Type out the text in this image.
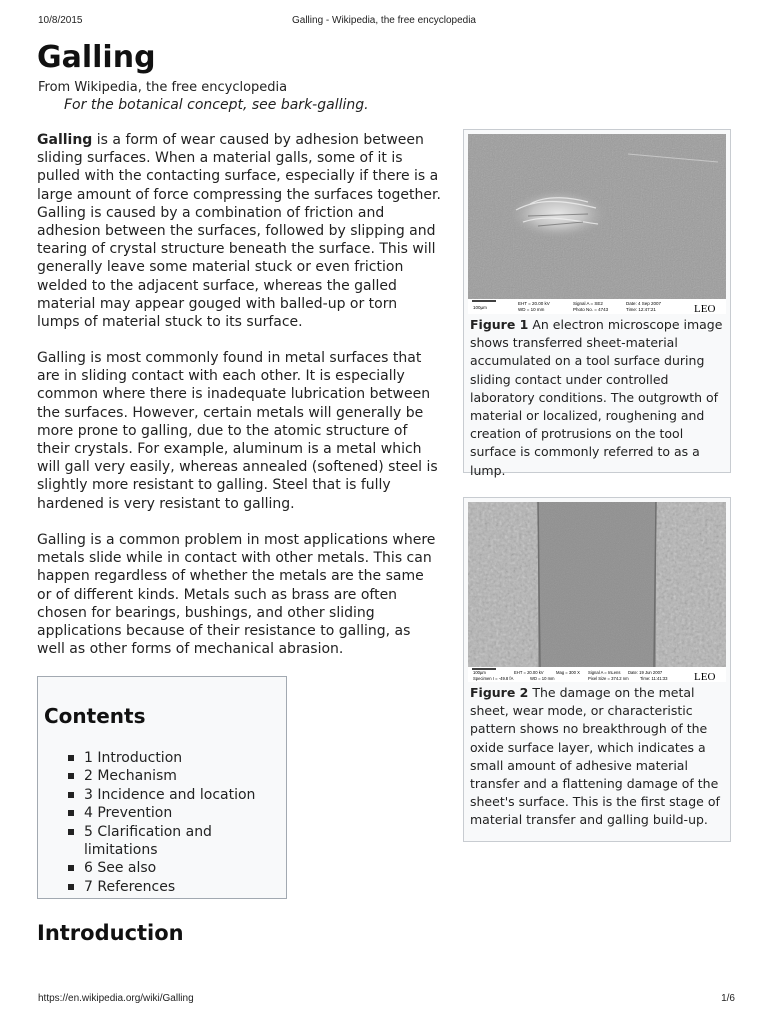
10/8/2015	Galling - Wikipedia, the free encyclopedia
Galling
From Wikipedia, the free encyclopedia
For the botanical concept, see bark-galling.

Galling is a form of wear caused by adhesion between sliding surfaces. When a material galls, some of it is pulled with the contacting surface, especially if there is a large amount of force compressing the surfaces together. Galling is caused by a combination of friction and adhesion between the surfaces, followed by slipping and tearing of crystal structure beneath the surface. This will generally leave some material stuck or even friction welded to the adjacent surface, whereas the galled material may appear gouged with balled-up or torn lumps of material stuck to its surface.

Galling is most commonly found in metal surfaces that are in sliding contact with each other. It is especially common where there is inadequate lubrication between the surfaces. However, certain metals will generally be more prone to galling, due to the atomic structure of their crystals. For example, aluminum is a metal which will gall very easily, whereas annealed (softened) steel is slightly more resistant to galling. Steel that is fully hardened is very resistant to galling.

Galling is a common problem in most applications where metals slide while in contact with other metals. This can happen regardless of whether the metals are the same or of different kinds. Metals such as brass are often chosen for bearings, bushings, and other sliding applications because of their resistance to galling, as well as other forms of mechanical abrasion.

Contents
1 Introduction
2 Mechanism
3 Incidence and location
4 Prevention
5 Clarification and limitations
6 See also
7 References
Introduction
100µm
EHT = 20.00 kV
WD = 10 mm
Signal A = SE2
Photo No. = 4743
Date: 4 Sep 2007
Time: 12:47:21	LEO
Figure 1 An electron microscope image shows transferred sheet-material accumulated on a tool surface during sliding contact under controlled laboratory conditions. The outgrowth of material or localized, roughening and creation of protrusions on the tool surface is commonly referred to as a lump.
100µm
Specimen I = -49.8 fA
EHT = 20.00 kV
WD = 10 mm
Mag = 300 X Signal A = InLens
Pixel Size = 374.2 nm
Date: 19 Jun 2007
Time: 11:41:33 LEO
Figure 2 The damage on the metal sheet, wear mode, or characteristic pattern shows no breakthrough of the oxide surface layer, which indicates a small amount of adhesive material transfer and a flattening damage of the sheet's surface. This is the first stage of material transfer and galling build-up.
https://en.wikipedia.org/wiki/Galling	1/6
